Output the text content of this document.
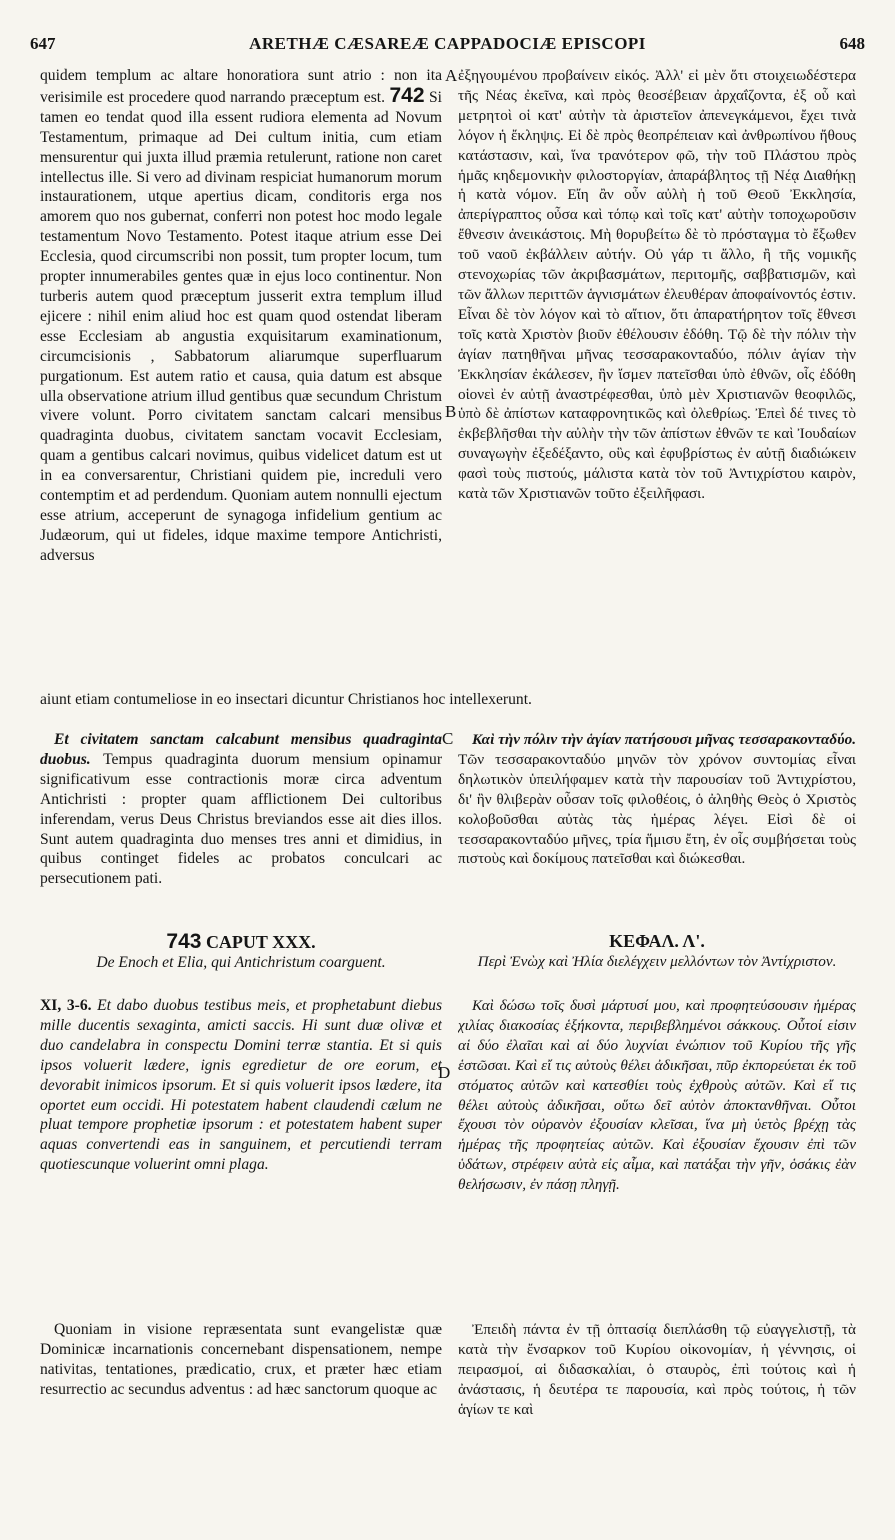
647	ARETHÆ CÆSAREÆ CAPPADOCIÆ EPISCOPI	648
A
B
C
D

quidem templum ac altare honoratiora sunt atrio : non ita verisimile est procedere quod narrando præceptum est. 742 Si tamen eo tendat quod illa essent rudiora elementa ad Novum Testamentum, primaque ad Dei cultum initia, cum etiam mensurentur qui juxta illud præmia retulerunt, ratione non caret intellectus ille. Si vero ad divinam respiciat humanorum morum instaurationem, utque apertius dicam, conditoris erga nos amorem quo nos gubernat, conferri non potest hoc modo legale testamentum Novo Testamento. Potest itaque atrium esse Dei Ecclesia, quod circumscribi non possit, tum propter locum, tum propter innumerabiles gentes quæ in ejus loco continentur. Non turberis autem quod præceptum jusserit extra templum illud ejicere : nihil enim aliud hoc est quam quod ostendat liberam esse Ecclesiam ab angustia exquisitarum examinationum, circumcisionis , Sabbatorum aliarumque superfluarum purgationum. Est autem ratio et causa, quia datum est absque ulla observatione atrium illud gentibus quæ secundum Christum vivere volunt. Porro civitatem sanctam calcari mensibus quadraginta duobus, civitatem sanctam vocavit Ecclesiam, quam a gentibus calcari novimus, quibus videlicet datum est ut in ea conversarentur, Christiani quidem pie, increduli vero contemptim et ad perdendum. Quoniam autem nonnulli ejectum esse atrium, acceperunt de synagoga infidelium gentium ac Judæorum, qui ut fideles, idque maxime tempore Antichristi, adversus

ἐξηγουμένου προβαίνειν εἰκός. Ἀλλ' εἰ μὲν ὅτι στοιχειωδέστερα τῆς Νέας ἐκεῖνα, καὶ πρὸς θεοσέβειαν ἀρχαΐζοντα, ἐξ οὗ καὶ μετρητοὶ οἱ κατ' αὐτὴν τὰ ἀριστεῖον ἀπενεγκάμενοι, ἔχει τινὰ λόγον ἡ ἔκληψις. Εἰ δὲ πρὸς θεοπρέπειαν καὶ ἀνθρωπίνου ἤθους κατάστασιν, καὶ, ἵνα τρανότερον φῶ, τὴν τοῦ Πλάστου πρὸς ἡμᾶς κηδεμονικὴν φιλοστοργίαν, ἀπαράβλητος τῇ Νέᾳ Διαθήκῃ ἡ κατὰ νόμον. Εἴη ἂν οὖν αὐλὴ ἡ τοῦ Θεοῦ Ἐκκλησία, ἀπερίγραπτος οὖσα καὶ τόπῳ καὶ τοῖς κατ' αὐτὴν τοποχωροῦσιν ἔθνεσιν ἀνεικάστοις. Μὴ θορυβείτω δὲ τὸ πρόσταγμα τὸ ἔξωθεν τοῦ ναοῦ ἐκβάλλειν αὐτήν. Οὐ γάρ τι ἄλλο, ἢ τῆς νομικῆς στενοχωρίας τῶν ἀκριβασμάτων, περιτομῆς, σαββατισμῶν, καὶ τῶν ἄλλων περιττῶν ἁγνισμάτων ἐλευθέραν ἀποφαίνοντός ἐστιν. Εἶναι δὲ τὸν λόγον καὶ τὸ αἴτιον, ὅτι ἀπαρατήρητον τοῖς ἔθνεσι τοῖς κατὰ Χριστὸν βιοῦν ἐθέλουσιν ἐδόθη. Τῷ δὲ τὴν πόλιν τὴν ἁγίαν πατηθῆναι μῆνας τεσσαρακονταδύο, πόλιν ἁγίαν τὴν Ἐκκλησίαν ἐκάλεσεν, ἣν ἴσμεν πατεῖσθαι ὑπὸ ἐθνῶν, οἷς ἐδόθη οἱονεὶ ἐν αὐτῇ ἀναστρέφεσθαι, ὑπὸ μὲν Χριστιανῶν θεοφιλῶς, ὑπὸ δὲ ἀπίστων καταφρονητικῶς καὶ ὀλεθρίως. Ἐπεὶ δέ τινες τὸ ἐκβεβλῆσθαι τὴν αὐλὴν τὴν τῶν ἀπίστων ἐθνῶν τε καὶ Ἰουδαίων συναγωγὴν ἐξεδέξαντο, οὓς καὶ ἐφυβρίστως ἐν αὐτῇ διαδιώκειν φασὶ τοὺς πιστούς, μάλιστα κατὰ τὸν τοῦ Ἀντιχρίστου καιρὸν, κατὰ τῶν Χριστιανῶν τοῦτο ἐξειλῆφασι.

aiunt etiam contumeliose in eo insectari dicuntur Christianos hoc intellexerunt.

Et civitatem sanctam calcabunt mensibus quadraginta duobus. Tempus quadraginta duorum mensium opinamur significativum esse contractionis moræ circa adventum Antichristi : propter quam afflictionem Dei cultoribus inferendam, verus Deus Christus breviandos esse ait dies illos. Sunt autem quadraginta duo menses tres anni et dimidius, in quibus continget fideles ac probatos conculcari ac persecutionem pati.

Καὶ τὴν πόλιν τὴν ἁγίαν πατήσουσι μῆνας τεσσαρακονταδύο. Τῶν τεσσαρακονταδύο μηνῶν τὸν χρόνον συντομίας εἶναι δηλωτικὸν ὑπειλήφαμεν κατὰ τὴν παρουσίαν τοῦ Ἀντιχρίστου, δι' ἣν θλιβερὰν οὖσαν τοῖς φιλοθέοις, ὁ ἀληθὴς Θεὸς ὁ Χριστὸς κολοβοῦσθαι αὐτὰς τὰς ἡμέρας λέγει. Εἰσὶ δὲ οἱ τεσσαρακονταδύο μῆνες, τρία ἥμισυ ἔτη, ἐν οἷς συμβήσεται τοὺς πιστοὺς καὶ δοκίμους πατεῖσθαι καὶ διώκεσθαι.

743 CAPUT XXX.
De Enoch et Elia, qui Antichristum coarguent.
ΚΕΦΑΛ. Λ'.
Περὶ Ἐνὼχ καὶ Ἠλία διελέγχειν μελλόντων τὸν Ἀντίχριστον.

XI, 3-6. Et dabo duobus testibus meis, et prophetabunt diebus mille ducentis sexaginta, amicti saccis. Hi sunt duæ olivæ et duo candelabra in conspectu Domini terræ stantia. Et si quis ipsos voluerit lædere, ignis egredietur de ore eorum, et devorabit inimicos ipsorum. Et si quis voluerit ipsos lædere, ita oportet eum occidi. Hi potestatem habent claudendi cælum ne pluat tempore prophetiæ ipsorum : et potestatem habent super aquas convertendi eas in sanguinem, et percutiendi terram quotiescunque voluerint omni plaga.

Καὶ δώσω τοῖς δυσὶ μάρτυσί μου, καὶ προφητεύσουσιν ἡμέρας χιλίας διακοσίας ἑξήκοντα, περιβεβλημένοι σάκκους. Οὗτοί εἰσιν αἱ δύο ἐλαῖαι καὶ αἱ δύο λυχνίαι ἐνώπιον τοῦ Κυρίου τῆς γῆς ἑστῶσαι. Καὶ εἴ τις αὐτοὺς θέλει ἀδικῆσαι, πῦρ ἐκπορεύεται ἐκ τοῦ στόματος αὐτῶν καὶ κατεσθίει τοὺς ἐχθροὺς αὐτῶν. Καὶ εἴ τις θέλει αὐτοὺς ἀδικῆσαι, οὕτω δεῖ αὐτὸν ἀποκτανθῆναι. Οὗτοι ἔχουσι τὸν οὐρανὸν ἐξουσίαν κλεῖσαι, ἵνα μὴ ὑετὸς βρέχῃ τὰς ἡμέρας τῆς προφητείας αὐτῶν. Καὶ ἐξουσίαν ἔχουσιν ἐπὶ τῶν ὑδάτων, στρέφειν αὐτὰ εἰς αἷμα, καὶ πατάξαι τὴν γῆν, ὁσάκις ἐὰν θελήσωσιν, ἐν πάσῃ πληγῇ.

Quoniam in visione repræsentata sunt evangelistæ quæ Dominicæ incarnationis concernebant dispensationem, nempe nativitas, tentationes, prædicatio, crux, et præter hæc etiam resurrectio ac secundus adventus : ad hæc sanctorum quoque ac

Ἐπειδὴ πάντα ἐν τῇ ὀπτασίᾳ διεπλάσθη τῷ εὐαγγελιστῇ, τὰ κατὰ τὴν ἔνσαρκον τοῦ Κυρίου οἰκονομίαν, ἡ γέννησις, οἱ πειρασμοί, αἱ διδασκαλίαι, ὁ σταυρὸς, ἐπὶ τούτοις καὶ ἡ ἀνάστασις, ἡ δευτέρα τε παρουσία, καὶ πρὸς τούτοις, ἡ τῶν ἁγίων τε καὶ
